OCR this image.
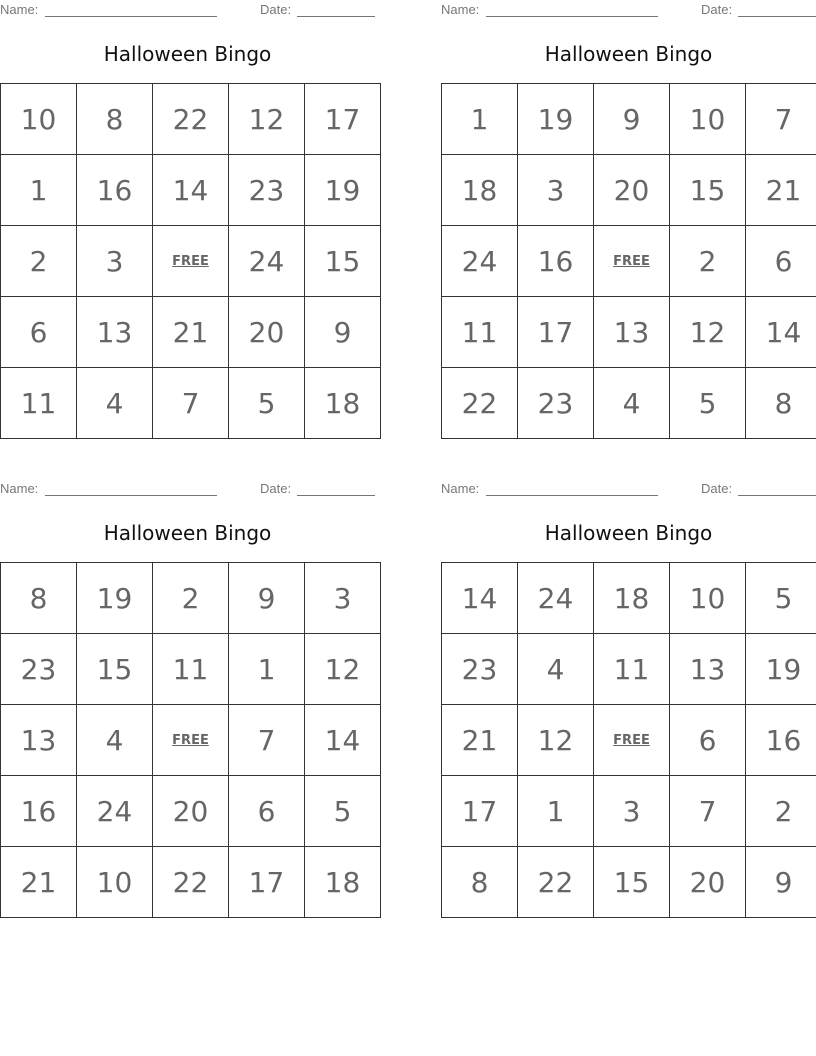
Name:	Date:
Halloween Bingo
10	8	22	12	17
1	16	14	23	19
2	3	FREE	24	15
6	13	21	20	9
11	4	7	5	18
Name:	Date:
Halloween Bingo
1	19	9	10	7
18	3	20	15	21
24	16	FREE	2	6
11	17	13	12	14
22	23	4	5	8
Name:	Date:
Halloween Bingo
8	19	2	9	3
23	15	11	1	12
13	4	FREE	7	14
16	24	20	6	5
21	10	22	17	18
Name:	Date:
Halloween Bingo
14	24	18	10	5
23	4	11	13	19
21	12	FREE	6	16
17	1	3	7	2
8	22	15	20	9
